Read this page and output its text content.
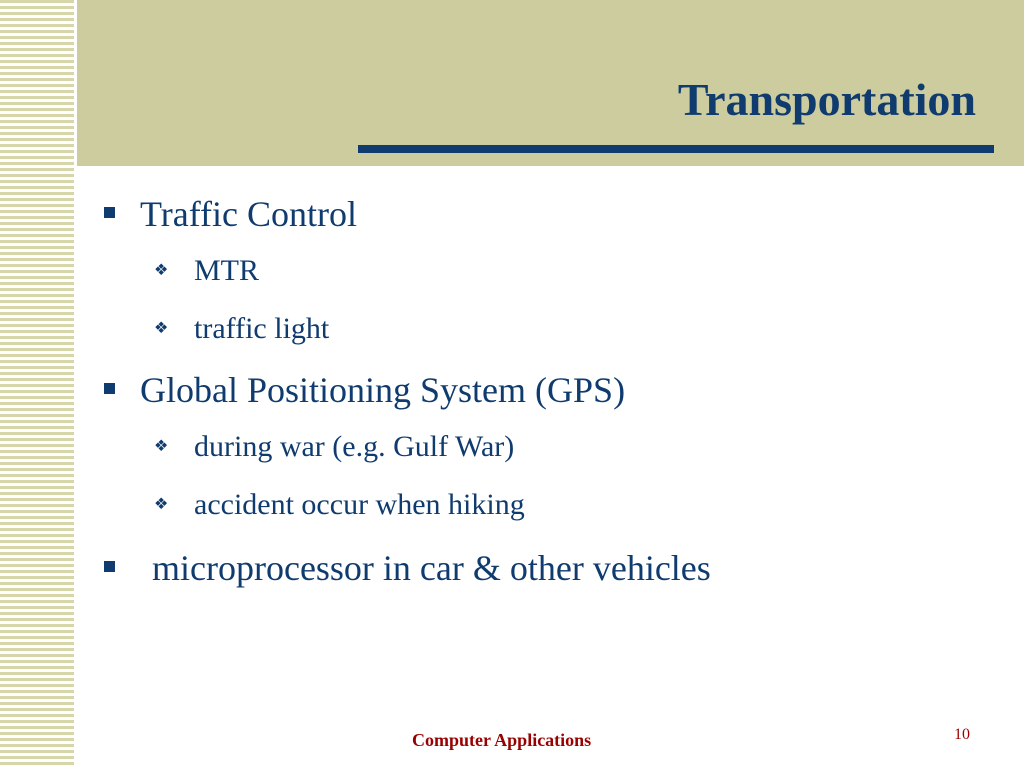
Transportation
Traffic Control
❖ MTR
❖ traffic light
Global Positioning System (GPS)
❖ during war (e.g. Gulf War)
❖ accident occur when hiking
microprocessor in car & other vehicles
Computer Applications	10
